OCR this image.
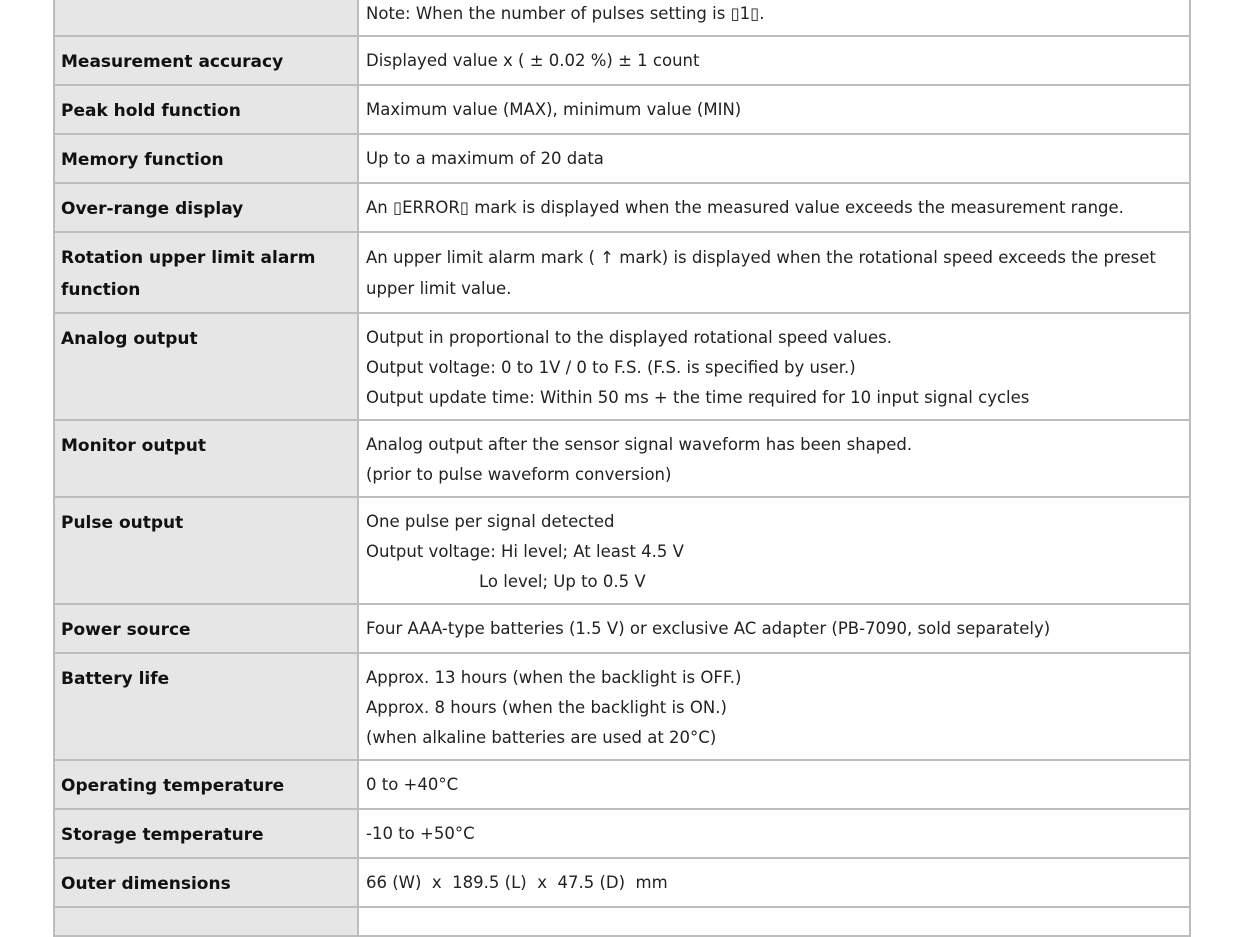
	Note: When the number of pulses setting is ▯1▯.

Measurement accuracy	Displayed value x ( ± 0.02 %) ± 1 count

Peak hold function	Maximum value (MAX), minimum value (MIN)

Memory function	Up to a maximum of 20 data

Over-range display	An ▯ERROR▯ mark is displayed when the measured value exceeds the measurement range.

Rotation upper limit alarm function	An upper limit alarm mark ( ↑ mark) is displayed when the rotational speed exceeds the preset upper limit value.

Analog output	Output in proportional to the displayed rotational speed values.
Output voltage: 0 to 1V / 0 to F.S. (F.S. is specified by user.)
Output update time: Within 50 ms + the time required for 10 input signal cycles

Monitor output	Analog output after the sensor signal waveform has been shaped.
(prior to pulse waveform conversion)

Pulse output	One pulse per signal detected
Output voltage: Hi level; At least 4.5 V
Lo level; Up to 0.5 V

Power source	Four AAA-type batteries (1.5 V) or exclusive AC adapter (PB-7090, sold separately)

Battery life	Approx. 13 hours (when the backlight is OFF.)
Approx. 8 hours (when the backlight is ON.)
(when alkaline batteries are used at 20°C)

Operating temperature	0 to +40°C

Storage temperature	-10 to +50°C

Outer dimensions	66 (W)  x  189.5 (L)  x  47.5 (D)  mm
